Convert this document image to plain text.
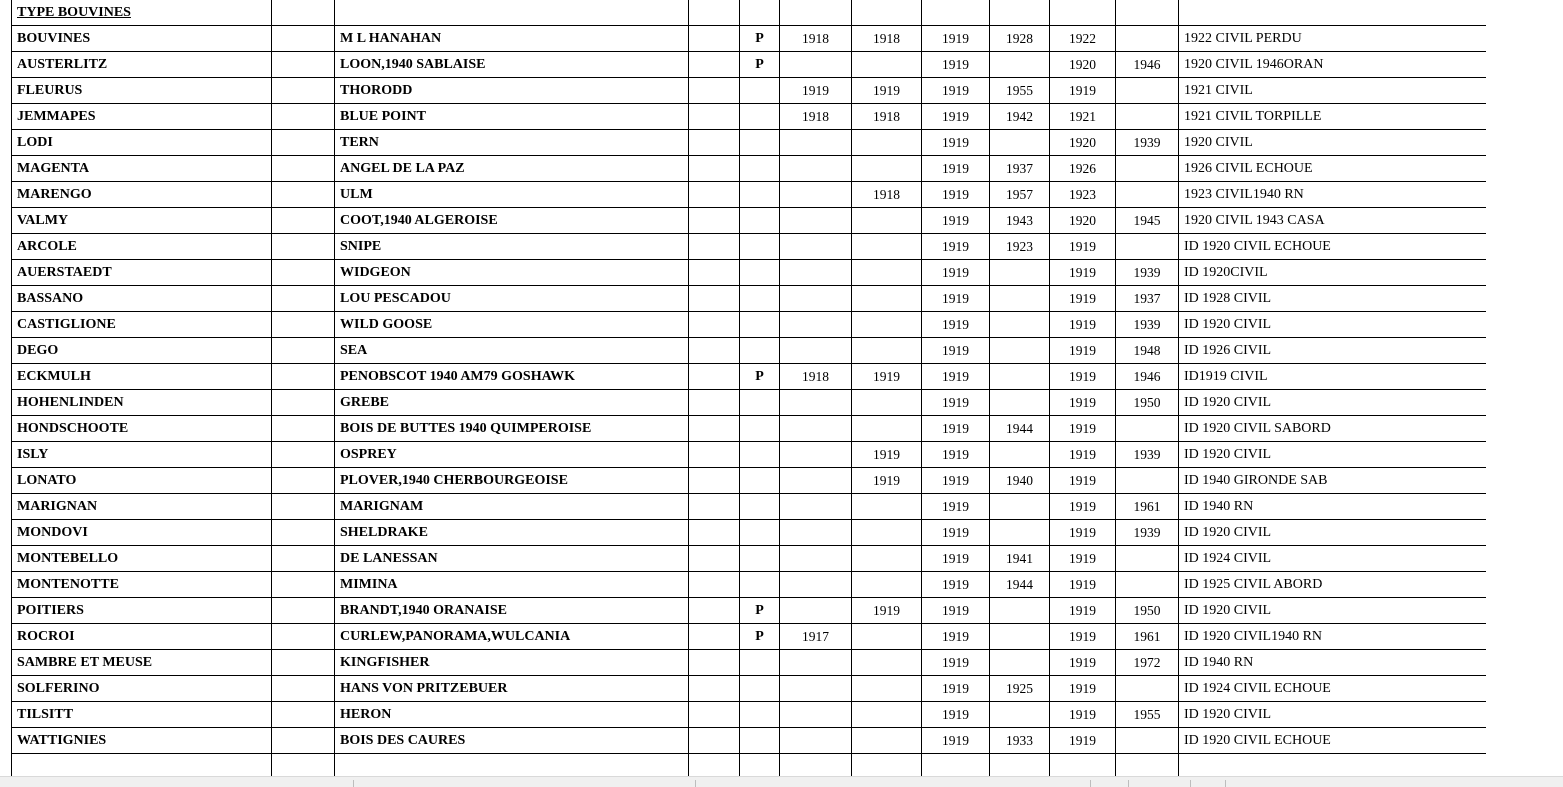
TYPE BOUVINES											
BOUVINES		M L HANAHAN		P	1918	1918	1919	1928	1922		1922 CIVIL PERDU
AUSTERLITZ		LOON,1940 SABLAISE		P			1919		1920	1946	1920 CIVIL 1946ORAN
FLEURUS		THORODD			1919	1919	1919	1955	1919		1921 CIVIL
JEMMAPES		BLUE POINT			1918	1918	1919	1942	1921		1921 CIVIL TORPILLE
LODI		TERN					1919		1920	1939	1920 CIVIL
MAGENTA		ANGEL DE LA PAZ					1919	1937	1926		1926 CIVIL ECHOUE
MARENGO		ULM				1918	1919	1957	1923		1923 CIVIL1940 RN
VALMY		COOT,1940 ALGEROISE					1919	1943	1920	1945	1920 CIVIL 1943 CASA
ARCOLE		SNIPE					1919	1923	1919		ID 1920 CIVIL ECHOUE
AUERSTAEDT		WIDGEON					1919		1919	1939	ID 1920CIVIL
BASSANO		LOU PESCADOU					1919		1919	1937	ID 1928 CIVIL
CASTIGLIONE		WILD GOOSE					1919		1919	1939	ID 1920 CIVIL
DEGO		SEA					1919		1919	1948	ID 1926 CIVIL
ECKMULH		PENOBSCOT 1940 AM79 GOSHAWK		P	1918	1919	1919		1919	1946	ID1919 CIVIL
HOHENLINDEN		GREBE					1919		1919	1950	ID 1920 CIVIL
HONDSCHOOTE		BOIS DE BUTTES 1940 QUIMPEROISE					1919	1944	1919		ID 1920 CIVIL SABORD
ISLY		OSPREY				1919	1919		1919	1939	ID 1920 CIVIL
LONATO		PLOVER,1940 CHERBOURGEOISE				1919	1919	1940	1919		ID 1940 GIRONDE SAB
MARIGNAN		MARIGNAM					1919		1919	1961	ID 1940 RN
MONDOVI		SHELDRAKE					1919		1919	1939	ID 1920 CIVIL
MONTEBELLO		DE LANESSAN					1919	1941	1919		ID 1924 CIVIL
MONTENOTTE		MIMINA					1919	1944	1919		ID 1925 CIVIL ABORD
POITIERS		BRANDT,1940 ORANAISE		P		1919	1919		1919	1950	ID 1920 CIVIL
ROCROI		CURLEW,PANORAMA,WULCANIA		P	1917		1919		1919	1961	ID 1920 CIVIL1940 RN
SAMBRE ET MEUSE		KINGFISHER					1919		1919	1972	ID 1940 RN
SOLFERINO		HANS VON PRITZEBUER					1919	1925	1919		ID 1924 CIVIL ECHOUE
TILSITT		HERON					1919		1919	1955	ID 1920 CIVIL
WATTIGNIES		BOIS DES CAURES					1919	1933	1919		ID 1920 CIVIL ECHOUE
